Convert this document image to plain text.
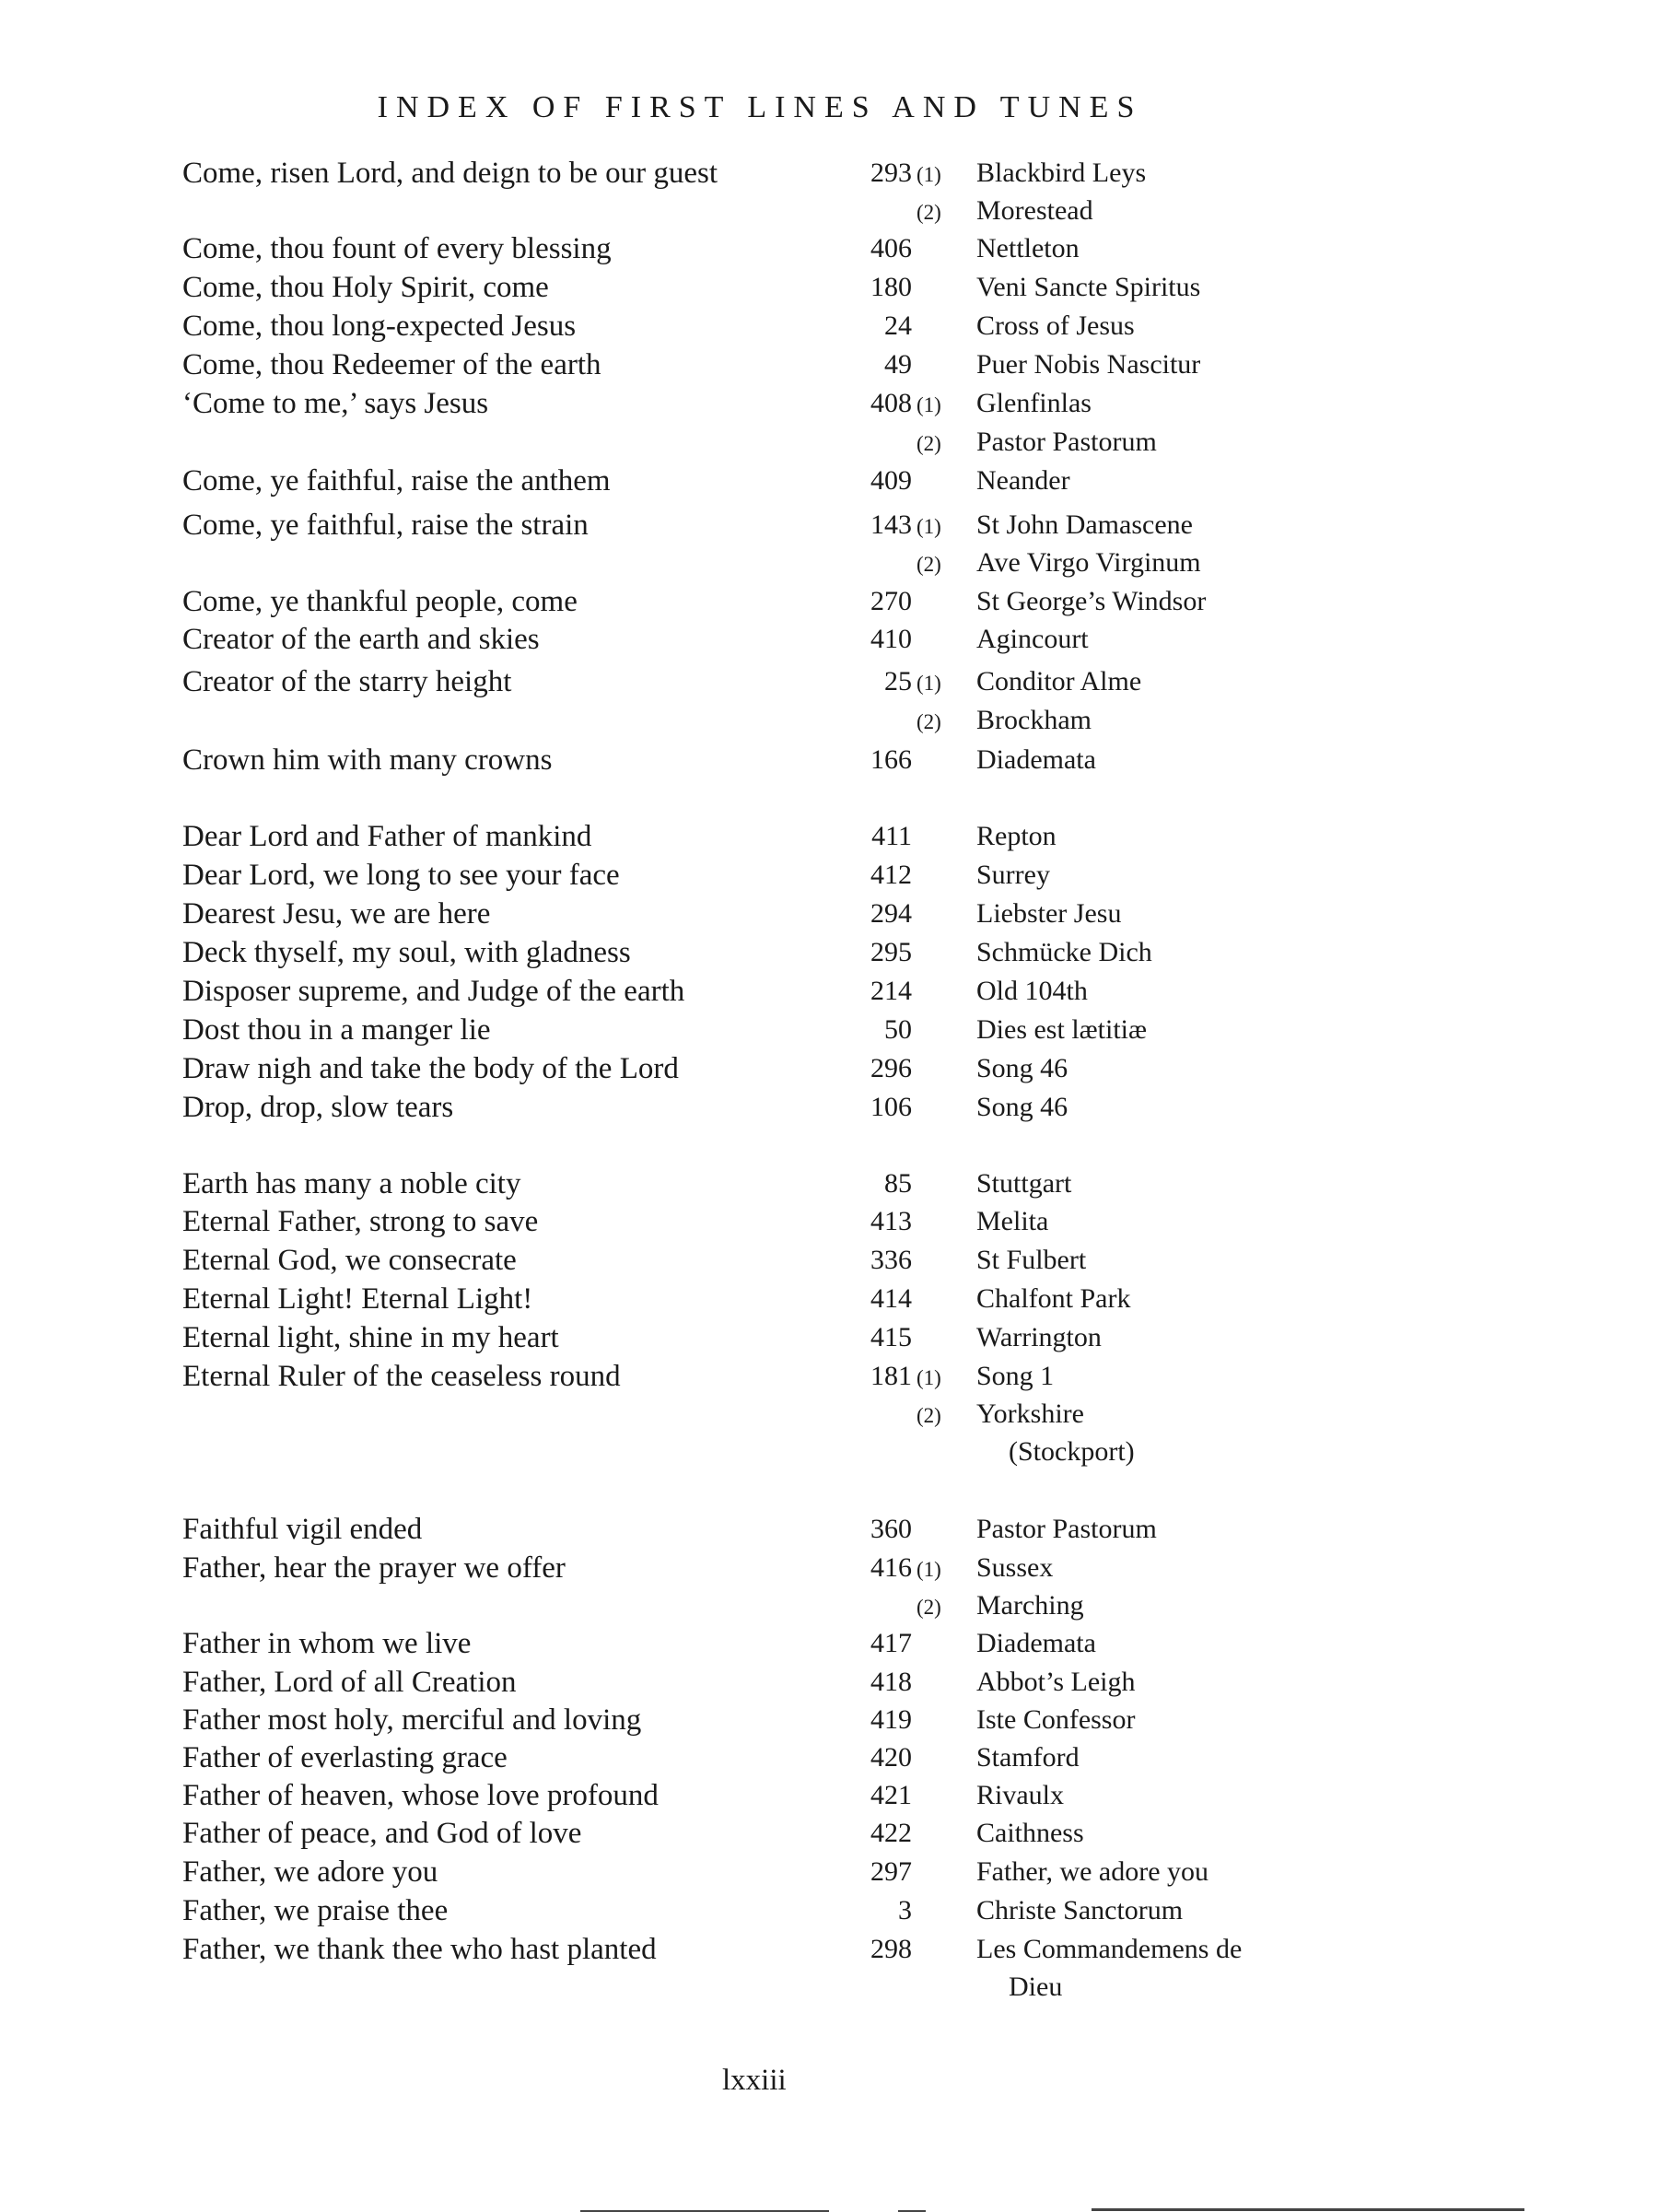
INDEX OF FIRST LINES AND TUNES
Come, risen Lord, and deign to be our guest	293 (1) Blackbird Leys
(2) Morestead
Come, thou fount of every blessing	406 Nettleton
Come, thou Holy Spirit, come	180 Veni Sancte Spiritus
Come, thou long-expected Jesus	24 Cross of Jesus
Come, thou Redeemer of the earth	49 Puer Nobis Nascitur
‘Come to me,’ says Jesus	408 (1) Glenfinlas
(2) Pastor Pastorum
Come, ye faithful, raise the anthem	409 Neander
Come, ye faithful, raise the strain	143 (1) St John Damascene
(2) Ave Virgo Virginum
Come, ye thankful people, come	270 St George’s Windsor
Creator of the earth and skies	410 Agincourt
Creator of the starry height	25 (1) Conditor Alme
(2) Brockham
Crown him with many crowns	166 Diademata
Dear Lord and Father of mankind	411 Repton
Dear Lord, we long to see your face	412 Surrey
Dearest Jesu, we are here	294 Liebster Jesu
Deck thyself, my soul, with gladness	295 Schmücke Dich
Disposer supreme, and Judge of the earth	214 Old 104th
Dost thou in a manger lie	50 Dies est lætitiæ
Draw nigh and take the body of the Lord	296 Song 46
Drop, drop, slow tears	106 Song 46
Earth has many a noble city	85 Stuttgart
Eternal Father, strong to save	413 Melita
Eternal God, we consecrate	336 St Fulbert
Eternal Light! Eternal Light!	414 Chalfont Park
Eternal light, shine in my heart	415 Warrington
Eternal Ruler of the ceaseless round	181 (1) Song 1
(2) Yorkshire
(Stockport)
Faithful vigil ended	360 Pastor Pastorum
Father, hear the prayer we offer	416 (1) Sussex
(2) Marching
Father in whom we live	417 Diademata
Father, Lord of all Creation	418 Abbot’s Leigh
Father most holy, merciful and loving	419 Iste Confessor
Father of everlasting grace	420 Stamford
Father of heaven, whose love profound	421 Rivaulx
Father of peace, and God of love	422 Caithness
Father, we adore you	297 Father, we adore you
Father, we praise thee	3 Christe Sanctorum
Father, we thank thee who hast planted	298 Les Commandemens de
Dieu
lxxiii
